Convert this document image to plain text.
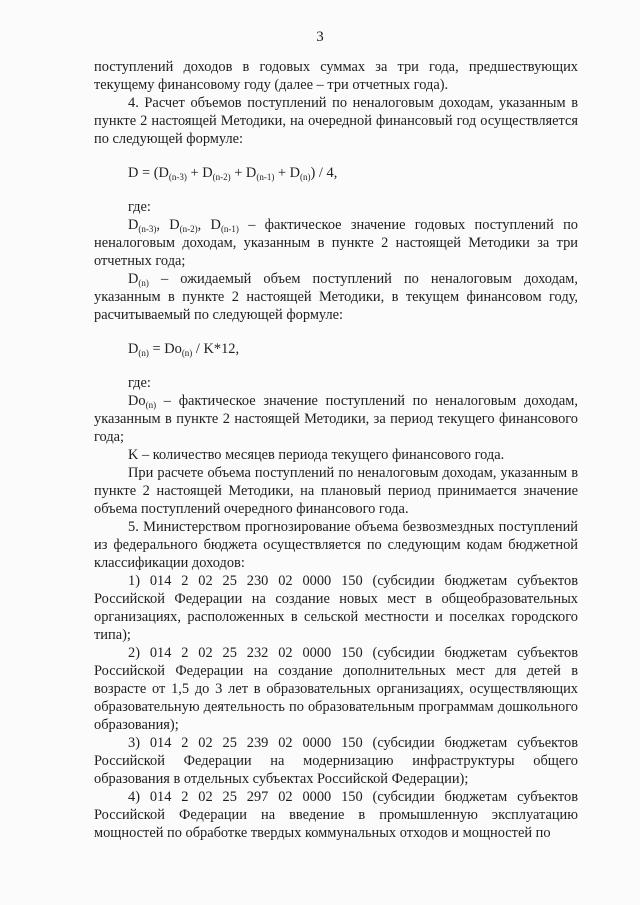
3

поступлений доходов в годовых суммах за три года, предшествующих текущему финансовому году (далее – три отчетных года).

4. Расчет объемов поступлений по неналоговым доходам, указанным в пункте 2 настоящей Методики, на очередной финансовый год осуществляется по следующей формуле:

$D = (D_{(n-3)} + D_{(n-2)} + D_{(n-1)} + D_{(n)}) / 4$,

где:

$D_{(n-3)}$, $D_{(n-2)}$, $D_{(n-1)}$ – фактическое значение годовых поступлений по неналоговым доходам, указанным в пункте 2 настоящей Методики за три отчетных года;

$D_{(n)}$ – ожидаемый объем поступлений по неналоговым доходам, указанным в пункте 2 настоящей Методики, в текущем финансовом году, расчитываемый по следующей формуле:

$D_{(n)} = Do_{(n)} / K*12$,

где:

$Do_{(n)}$ – фактическое значение поступлений по неналоговым доходам, указанным в пункте 2 настоящей Методики, за период текущего финансового года;

K – количество месяцев периода текущего финансового года.

При расчете объема поступлений по неналоговым доходам, указанным в пункте 2 настоящей Методики, на плановый период принимается значение объема поступлений очередного финансового года.

5. Министерством прогнозирование объема безвозмездных поступлений из федерального бюджета осуществляется по следующим кодам бюджетной классификации доходов:

1) 014 2 02 25 230 02 0000 150 (субсидии бюджетам субъектов Российской Федерации на создание новых мест в общеобразовательных организациях, расположенных в сельской местности и поселках городского типа);

2) 014 2 02 25 232 02 0000 150 (субсидии бюджетам субъектов Российской Федерации на создание дополнительных мест для детей в возрасте от 1,5 до 3 лет в образовательных организациях, осуществляющих образовательную деятельность по образовательным программам дошкольного образования);

3) 014 2 02 25 239 02 0000 150 (субсидии бюджетам субъектов Российской Федерации на модернизацию инфраструктуры общего образования в отдельных субъектах Российской Федерации);

4) 014 2 02 25 297 02 0000 150 (субсидии бюджетам субъектов Российской Федерации на введение в промышленную эксплуатацию мощностей по обработке твердых коммунальных отходов и мощностей по
